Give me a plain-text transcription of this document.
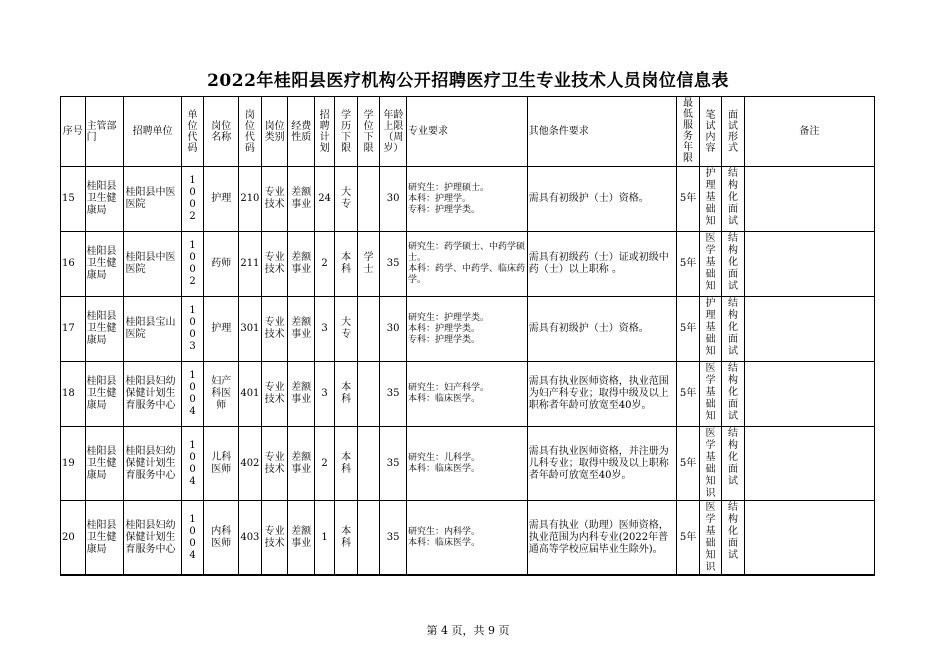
2022年桂阳县医疗机构公开招聘医疗卫生专业技术人员岗位信息表
序号	主管部门	招聘单位	单位代码	岗位名称	岗位代码	岗位类别	经费性质	招聘计划	学历下限	学位下限	年龄上限（周岁）	专业要求	其他条件要求	最低服务年限	笔试内容	面试形式	备注
15	桂阳县卫生健康局	桂阳县中医医院	1002	护理	210	专业技术	差额事业	24	大专		30	研究生：护理硕士。
本科：护理学。
专科：护理学类。	需具有初级护（士）资格。	5年	护理基础知	结构化面试	

16	桂阳县卫生健康局	桂阳县中医医院	1002	药师	211	专业技术	差额事业	2	本科	学士	35	研究生：药学硕士、中药学硕士。
本科：药学、中药学、临床药学。	需具有初级药（士）证或初级中药（士）以上职称 。	5年	医学基础知	结构化面试	

17	桂阳县卫生健康局	桂阳县宝山医院	1003	护理	301	专业技术	差额事业	3	大专		30	研究生：护理学类。
本科：护理学类。
专科：护理学类。	需具有初级护（士）资格。	5年	护理基础知	结构化面试	

18	桂阳县卫生健康局	桂阳县妇幼保健计划生育服务中心	1004	妇产科医师	401	专业技术	差额事业	3	本科		35	研究生：妇产科学。
本科：临床医学。	需具有执业医师资格，执业范围为妇产科专业；取得中级及以上职称者年龄可放宽至40岁。	5年	医学基础知	结构化面试	

19	桂阳县卫生健康局	桂阳县妇幼保健计划生育服务中心	1004	儿科医师	402	专业技术	差额事业	2	本科		35	研究生：儿科学。
本科：临床医学。	需具有执业医师资格，并注册为儿科专业；取得中级及以上职称者年龄可放宽至40岁。	5年	医学基础知识	结构化面试	

20	桂阳县卫生健康局	桂阳县妇幼保健计划生育服务中心	1004	内科医师	403	专业技术	差额事业	1	本科		35	研究生：内科学。
本科：临床医学。	需具有执业（助理）医师资格，执业范围为内科专业(2022年普通高等学校应届毕业生除外)。	5年	医学基础知识	结构化面试	

第 4 页，共 9 页
